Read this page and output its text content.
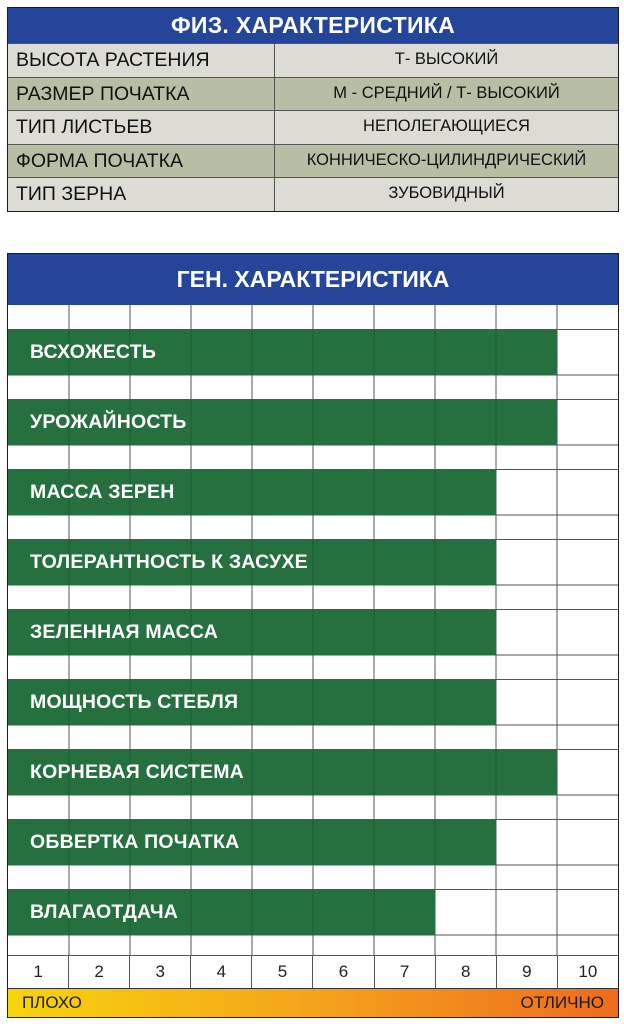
ФИЗ. ХАРАКТЕРИСТИКА
ВЫСОТА РАСТЕНИЯ	Т- ВЫСОКИЙ
РАЗМЕР ПОЧАТКА	М - СРЕДНИЙ / Т- ВЫСОКИЙ
ТИП ЛИСТЬЕВ	НЕПОЛЕГАЮЩИЕСЯ
ФОРМА ПОЧАТКА	КОННИЧЕСКО-ЦИЛИНДРИЧЕСКИЙ
ТИП ЗЕРНА	ЗУБОВИДНЫЙ
ГЕН. ХАРАКТЕРИСТИКА
ВСХОЖЕСТЬ
УРОЖАЙНОСТЬ
МАССА ЗЕРЕН
ТОЛЕРАНТНОСТЬ К ЗАСУХЕ
ЗЕЛЕННАЯ МАССА
МОЩНОСТЬ СТЕБЛЯ
КОРНЕВАЯ СИСТЕМА
ОБВЕРТКА ПОЧАТКА
ВЛАГАОТДАЧА
1	2	3	4	5	6	7	8	9	10
ПЛОХО	ОТЛИЧНО
